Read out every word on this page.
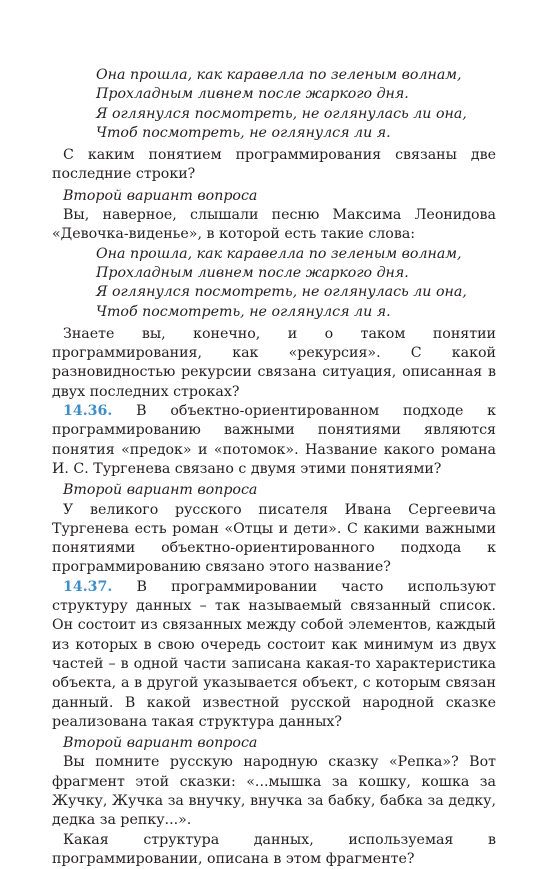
Она прошла, как каравелла по зеленым волнам,
Прохладным ливнем после жаркого дня.
Я оглянулся посмотреть, не оглянулась ли она,
Чтоб посмотреть, не оглянулся ли я.

С каким понятием программирования связаны две последние строки?

Второй вариант вопроса

Вы, наверное, слышали песню Максима Леонидова «Девочка-виденье», в которой есть такие слова:

Она прошла, как каравелла по зеленым волнам,
Прохладным ливнем после жаркого дня.
Я оглянулся посмотреть, не оглянулась ли она,
Чтоб посмотреть, не оглянулся ли я.

Знаете вы, конечно, и о таком понятии программирования, как «рекурсия». С какой разновидностью рекурсии связана ситуация, описанная в двух последних строках?

14.36. В объектно-ориентированном подходе к программированию важными понятиями являются понятия «предок» и «потомок». Название какого романа И. С. Тургенева связано с двумя этими понятиями?

Второй вариант вопроса

У великого русского писателя Ивана Сергеевича Тургенева есть роман «Отцы и дети». С какими важными понятиями объектно-ориентированного подхода к программированию связано этого название?

14.37. В программировании часто используют структуру данных – так называемый связанный список. Он состоит из связанных между собой элементов, каждый из которых в свою очередь состоит как минимум из двух частей – в одной части записана какая-то характеристика объекта, а в другой указывается объект, с которым связан данный. В какой известной русской народной сказке реализована такая структура данных?

Второй вариант вопроса

Вы помните русскую народную сказку «Репка»? Вот фрагмент этой сказки: «...мышка за кошку, кошка за Жучку, Жучка за внучку, внучка за бабку, бабка за дедку, дедка за репку...».

Какая структура данных, используемая в программировании, описана в этом фрагменте?
